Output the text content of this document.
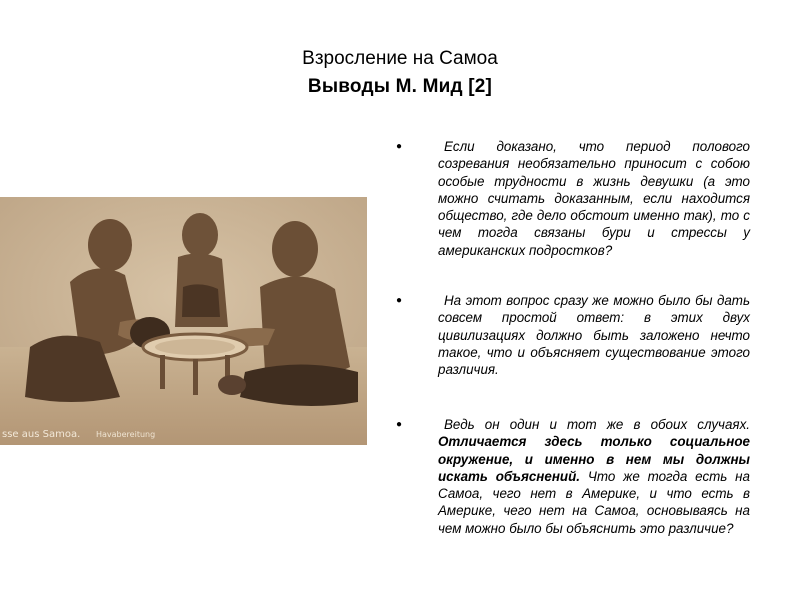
Взросление на Самоа
Выводы М. Мид [2]
sse aus Samoa. Havabereitung
●	Если доказано, что период полового созревания необязательно приносит с собою особые трудности в жизнь девушки (а это можно считать доказанным, если находится общество, где дело обстоит именно так), то с чем тогда связаны бури и стрессы у американских подростков?
●	На этот вопрос сразу же можно было бы дать совсем простой ответ: в этих двух цивилизациях должно быть заложено нечто такое, что и объясняет существование этого различия.
●	Ведь он один и тот же в обоих случаях. Отличается здесь только социальное окружение, и именно в нем мы должны искать объяснений. Что же тогда есть на Самоа, чего нет в Америке, и что есть в Америке, чего нет на Самоа, основываясь на чем можно было бы объяснить это различие?
